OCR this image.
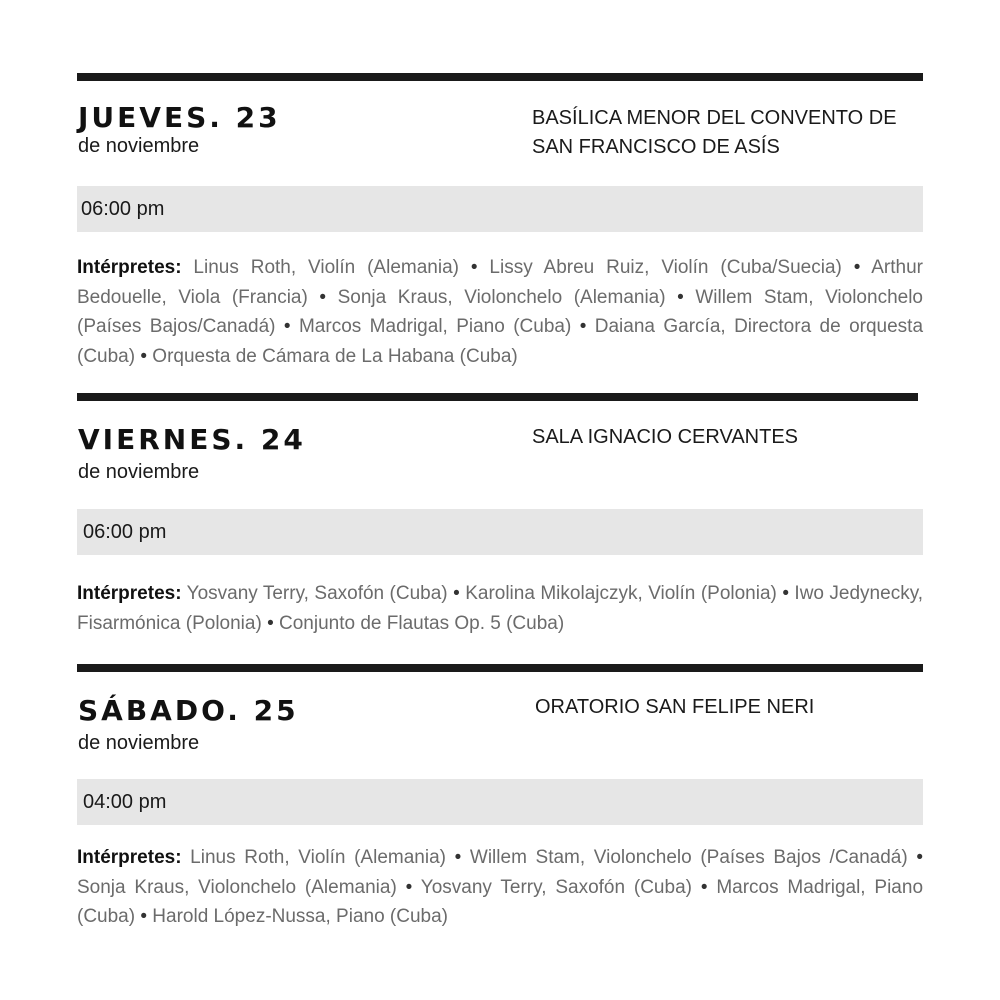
JUEVES. 23
de noviembre
BASÍLICA MENOR DEL CONVENTO DE SAN FRANCISCO DE ASÍS
06:00 pm
Intérpretes: Linus Roth, Violín (Alemania) • Lissy Abreu Ruiz, Violín (Cuba/Suecia) • Arthur Bedouelle, Viola (Francia) • Sonja Kraus, Violonchelo (Alemania) • Willem Stam, Violonchelo (Países Bajos/Canadá) • Marcos Madrigal, Piano (Cuba) • Daiana García, Directora de orquesta (Cuba) • Orquesta de Cámara de La Habana (Cuba)
VIERNES. 24
de noviembre
SALA IGNACIO CERVANTES
06:00 pm
Intérpretes: Yosvany Terry, Saxofón (Cuba) • Karolina Mikolajczyk, Violín (Polonia) • Iwo Jedynecky, Fisarmónica (Polonia) • Conjunto de Flautas Op. 5 (Cuba)
SÁBADO. 25
de noviembre
ORATORIO SAN FELIPE NERI
04:00 pm
Intérpretes: Linus Roth, Violín (Alemania) • Willem Stam, Violonchelo (Países Bajos /Canadá) • Sonja Kraus, Violonchelo (Alemania) • Yosvany Terry, Saxofón (Cuba) • Marcos Madrigal, Piano (Cuba) • Harold López-Nussa, Piano (Cuba)
